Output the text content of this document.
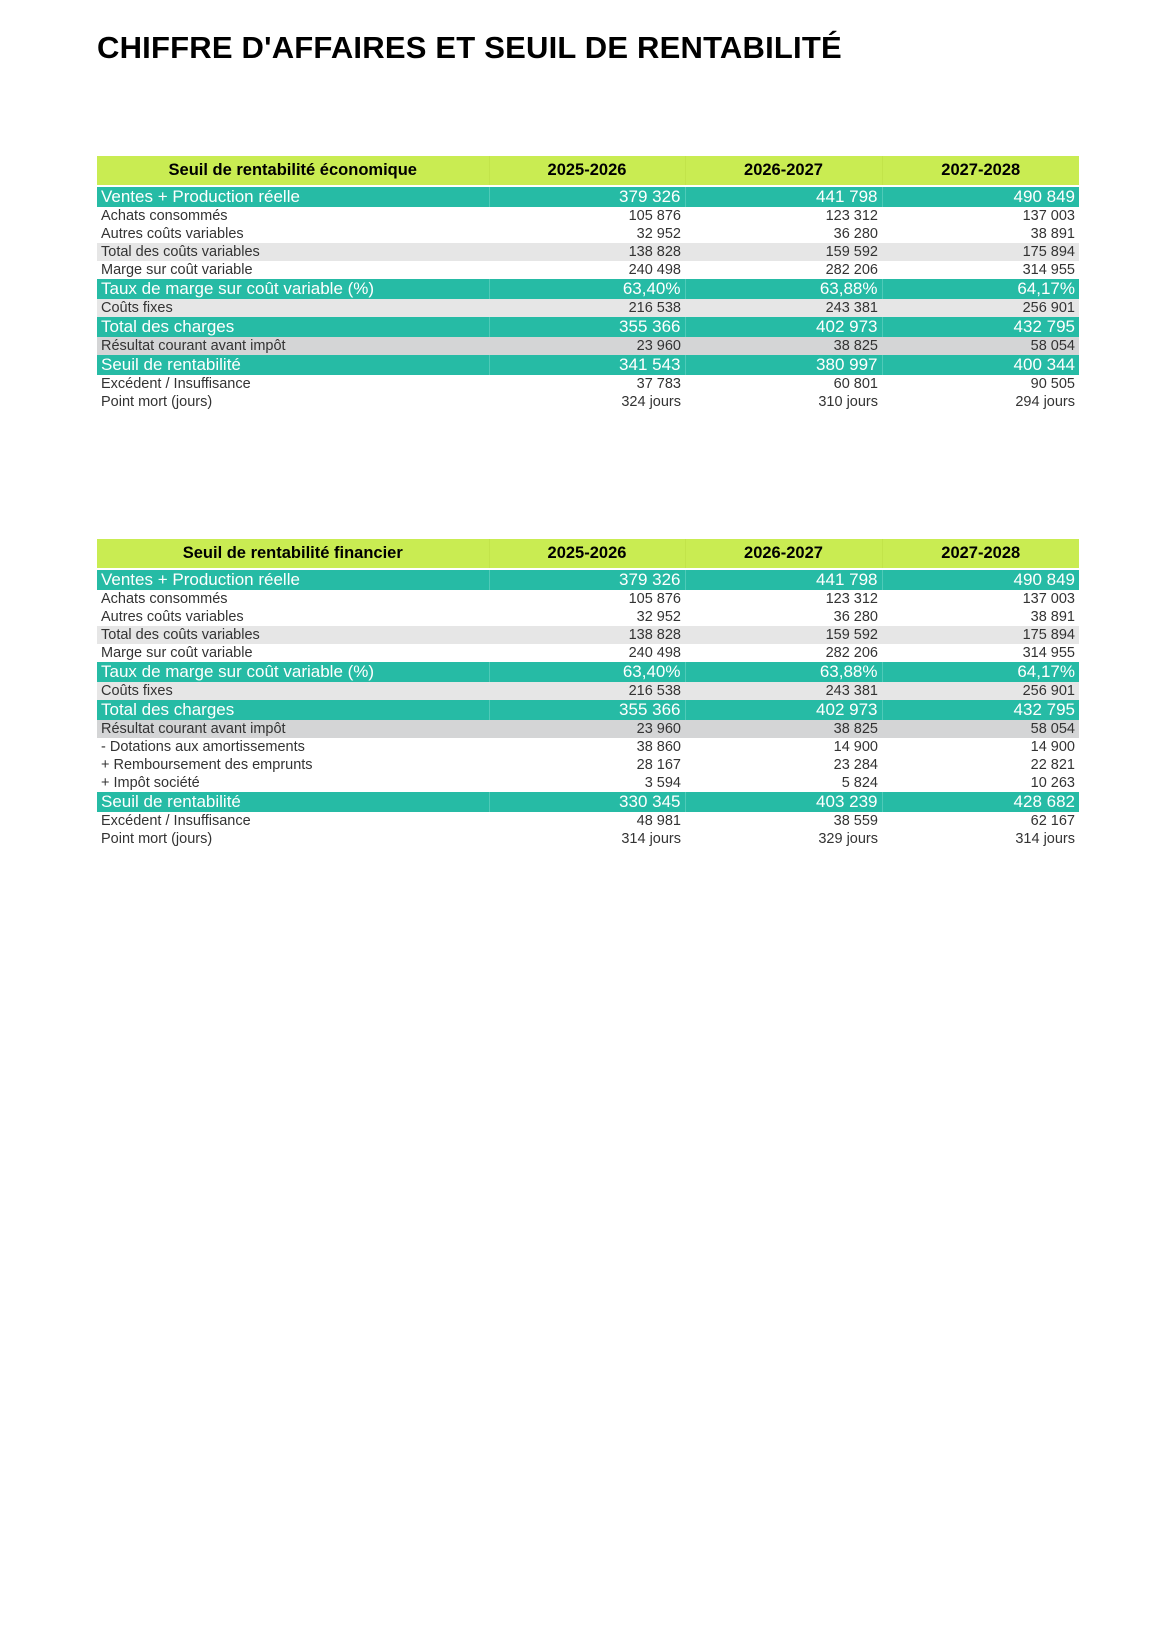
CHIFFRE D'AFFAIRES ET SEUIL DE RENTABILITÉ
Seuil de rentabilité économique	2025-2026	2026-2027	2027-2028

Ventes + Production réelle	379 326	441 798	490 849
Achats consommés	105 876	123 312	137 003
Autres coûts variables	32 952	36 280	38 891
Total des coûts variables	138 828	159 592	175 894
Marge sur coût variable	240 498	282 206	314 955
Taux de marge sur coût variable (%)	63,40%	63,88%	64,17%
Coûts fixes	216 538	243 381	256 901
Total des charges	355 366	402 973	432 795
Résultat courant avant impôt	23 960	38 825	58 054
Seuil de rentabilité	341 543	380 997	400 344
Excédent / Insuffisance	37 783	60 801	90 505
Point mort (jours)	324 jours	310 jours	294 jours
Seuil de rentabilité financier	2025-2026	2026-2027	2027-2028

Ventes + Production réelle	379 326	441 798	490 849
Achats consommés	105 876	123 312	137 003
Autres coûts variables	32 952	36 280	38 891
Total des coûts variables	138 828	159 592	175 894
Marge sur coût variable	240 498	282 206	314 955
Taux de marge sur coût variable (%)	63,40%	63,88%	64,17%
Coûts fixes	216 538	243 381	256 901
Total des charges	355 366	402 973	432 795
Résultat courant avant impôt	23 960	38 825	58 054
- Dotations aux amortissements	38 860	14 900	14 900
+ Remboursement des emprunts	28 167	23 284	22 821
+ Impôt société	3 594	5 824	10 263
Seuil de rentabilité	330 345	403 239	428 682
Excédent / Insuffisance	48 981	38 559	62 167
Point mort (jours)	314 jours	329 jours	314 jours
